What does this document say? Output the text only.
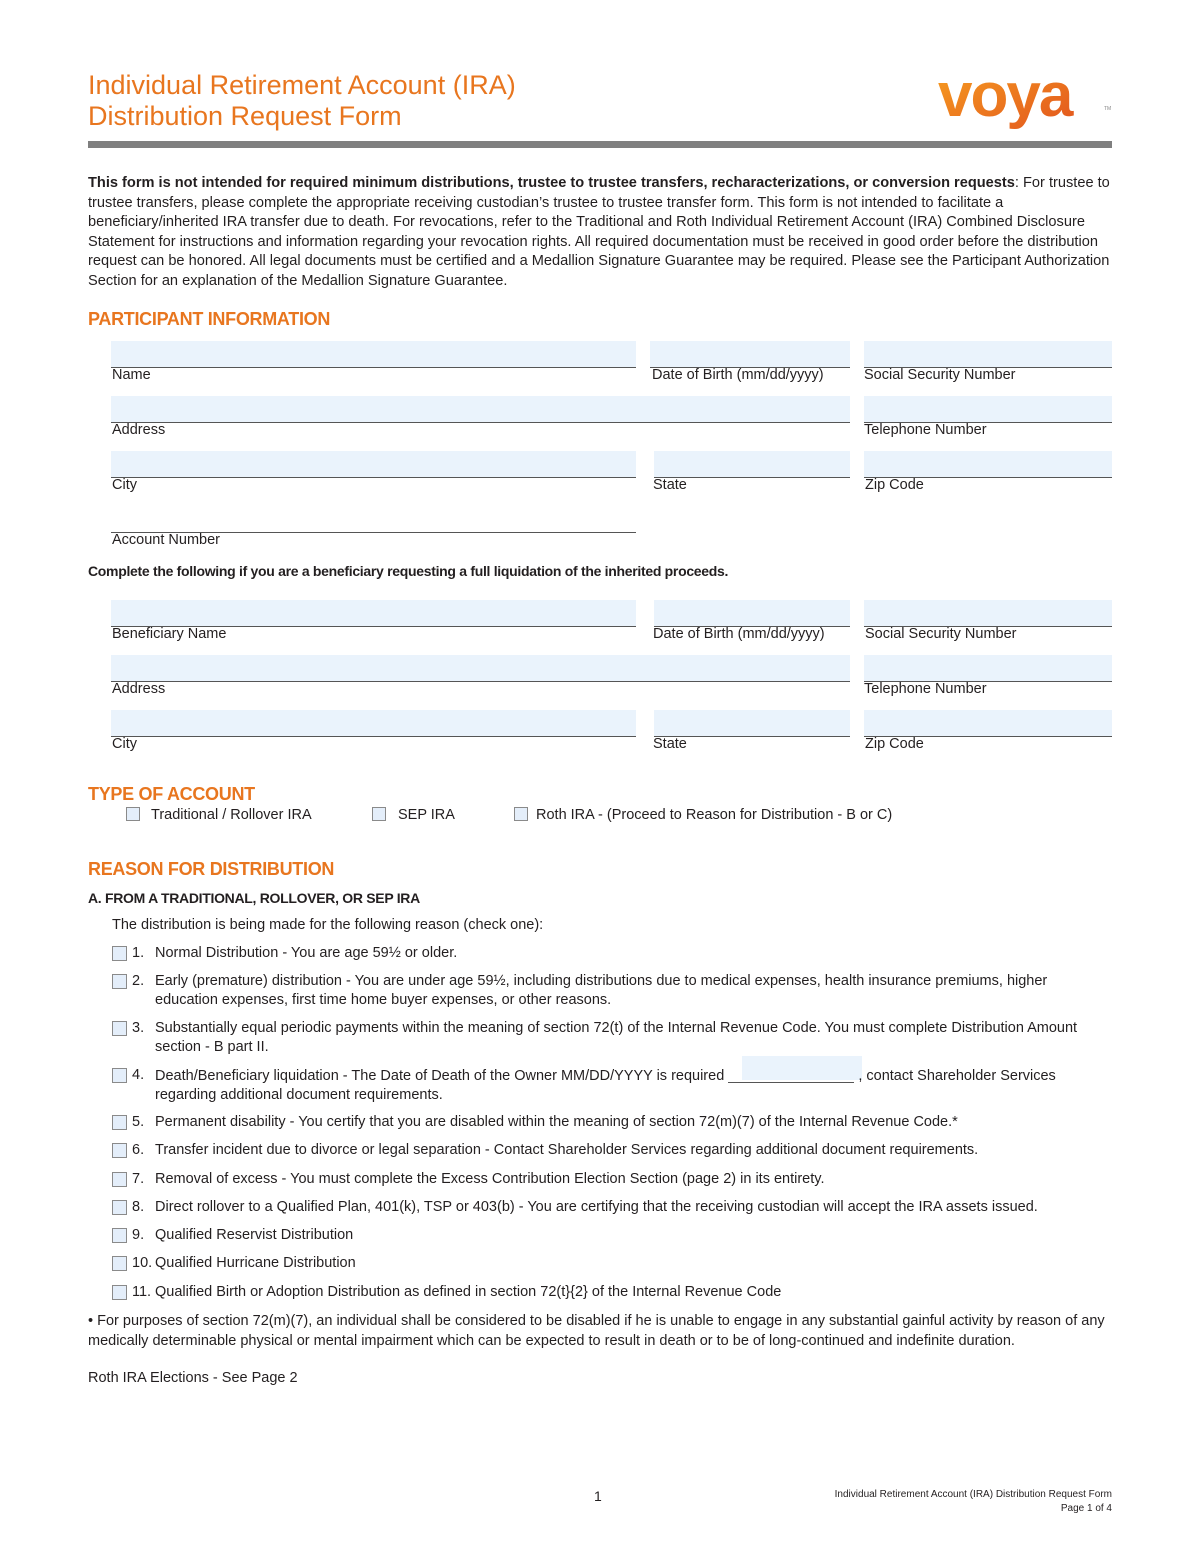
Individual Retirement Account (IRA)
Distribution Request Form	voya	TM
This form is not intended for required minimum distributions, trustee to trustee transfers, recharacterizations, or conversion requests: For trustee to trustee transfers, please complete the appropriate receiving custodian’s trustee to trustee transfer form. This form is not intended to facilitate a beneficiary/inherited IRA transfer due to death. For revocations, refer to the Traditional and Roth Individual Retirement Account (IRA) Combined Disclosure Statement for instructions and information regarding your revocation rights. All required documentation must be received in good order before the distribution request can be honored. All legal documents must be certified and a Medallion Signature Guarantee may be required. Please see the Participant Authorization Section for an explanation of the Medallion Signature Guarantee.
PARTICIPANT INFORMATION
Name	Date of Birth (mm/dd/yyyy)	Social Security Number
Address	Telephone Number
City	State	Zip Code
Account Number
Complete the following if you are a beneficiary requesting a full liquidation of the inherited proceeds.
Beneficiary Name	Date of Birth (mm/dd/yyyy)	Social Security Number
Address	Telephone Number
City	State	Zip Code
TYPE OF ACCOUNT
Traditional / Rollover IRA	SEP IRA	Roth IRA - (Proceed to Reason for Distribution - B or C)
REASON FOR DISTRIBUTION
A. FROM A TRADITIONAL, ROLLOVER, OR SEP IRA
The distribution is being made for the following reason (check one):
1. Normal Distribution - You are age 59½ or older.
2. Early (premature) distribution - You are under age 59½, including distributions due to medical expenses, health insurance premiums, higher education expenses, first time home buyer expenses, or other reasons.
3. Substantially equal periodic payments within the meaning of section 72(t) of the Internal Revenue Code. You must complete Distribution Amount section - B part II.
4. Death/Beneficiary liquidation - The Date of Death of the Owner MM/DD/YYYY is required	, contact Shareholder Services regarding additional document requirements.
5. Permanent disability - You certify that you are disabled within the meaning of section 72(m)(7) of the Internal Revenue Code.*
6. Transfer incident due to divorce or legal separation - Contact Shareholder Services regarding additional document requirements.
7. Removal of excess - You must complete the Excess Contribution Election Section (page 2) in its entirety.
8. Direct rollover to a Qualified Plan, 401(k), TSP or 403(b) - You are certifying that the receiving custodian will accept the IRA assets issued.
9. Qualified Reservist Distribution
10. Qualified Hurricane Distribution
11. Qualified Birth or Adoption Distribution as defined in section 72(t}{2} of the Internal Revenue Code
• For purposes of section 72(m)(7), an individual shall be considered to be disabled if he is unable to engage in any substantial gainful activity by reason of any medically determinable physical or mental impairment which can be expected to result in death or to be of long-continued and indefinite duration.
Roth IRA Elections - See Page 2
1	Individual Retirement Account (IRA) Distribution Request Form
Page 1 of 4
